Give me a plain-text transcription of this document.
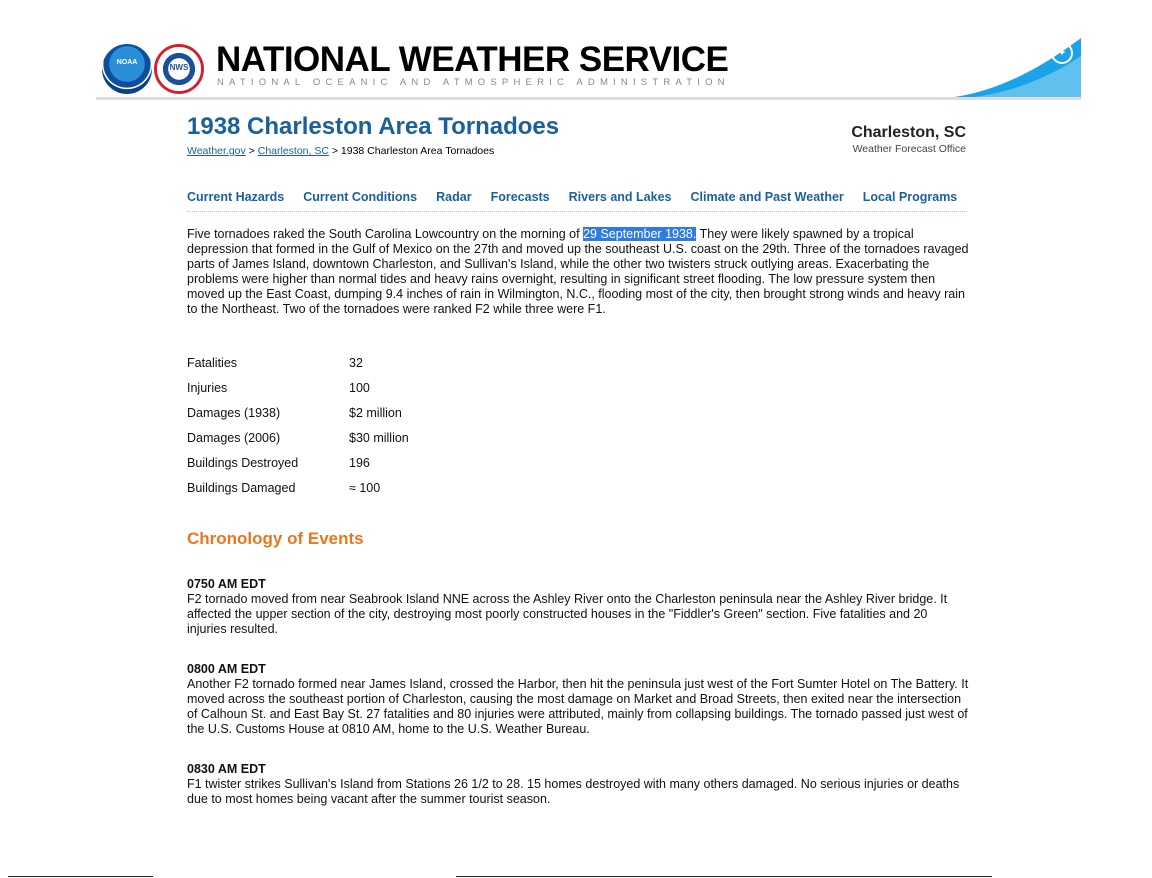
NOAA
NWS NATIONAL WEATHER SERVICE
NATIONAL OCEANIC AND ATMOSPHERIC ADMINISTRATION
✦
1938 Charleston Area Tornadoes
Weather.gov > Charleston, SC > 1938 Charleston Area Tornadoes
Charleston, SC
Weather Forecast Office
Current Hazards Current Conditions Radar Forecasts Rivers and Lakes Climate and Past Weather Local Programs

Five tornadoes raked the South Carolina Lowcountry on the morning of 29 September 1938. They were likely spawned by a tropical depression that formed in the Gulf of Mexico on the 27th and moved up the southeast U.S. coast on the 29th. Three of the tornadoes ravaged parts of James Island, downtown Charleston, and Sullivan's Island, while the other two twisters struck outlying areas. Exacerbating the problems were higher than normal tides and heavy rains overnight, resulting in significant street flooding. The low pressure system then moved up the East Coast, dumping 9.4 inches of rain in Wilmington, N.C., flooding most of the city, then brought strong winds and heavy rain to the Northeast. Two of the tornadoes were ranked F2 while three were F1.

Fatalities	32
Injuries	100
Damages (1938)	$2 million
Damages (2006)	$30 million
Buildings Destroyed	196
Buildings Damaged	≈ 100
Chronology of Events
0750 AM EDT
F2 tornado moved from near Seabrook Island NNE across the Ashley River onto the Charleston peninsula near the Ashley River bridge. It affected the upper section of the city, destroying most poorly constructed houses in the "Fiddler's Green" section. Five fatalities and 20 injuries resulted.
0800 AM EDT
Another F2 tornado formed near James Island, crossed the Harbor, then hit the peninsula just west of the Fort Sumter Hotel on The Battery. It moved across the southeast portion of Charleston, causing the most damage on Market and Broad Streets, then exited near the intersection of Calhoun St. and East Bay St. 27 fatalities and 80 injuries were attributed, mainly from collapsing buildings. The tornado passed just west of the U.S. Customs House at 0810 AM, home to the U.S. Weather Bureau.
0830 AM EDT
F1 twister strikes Sullivan's Island from Stations 26 1/2 to 28. 15 homes destroyed with many others damaged. No serious injuries or deaths due to most homes being vacant after the summer tourist season.
